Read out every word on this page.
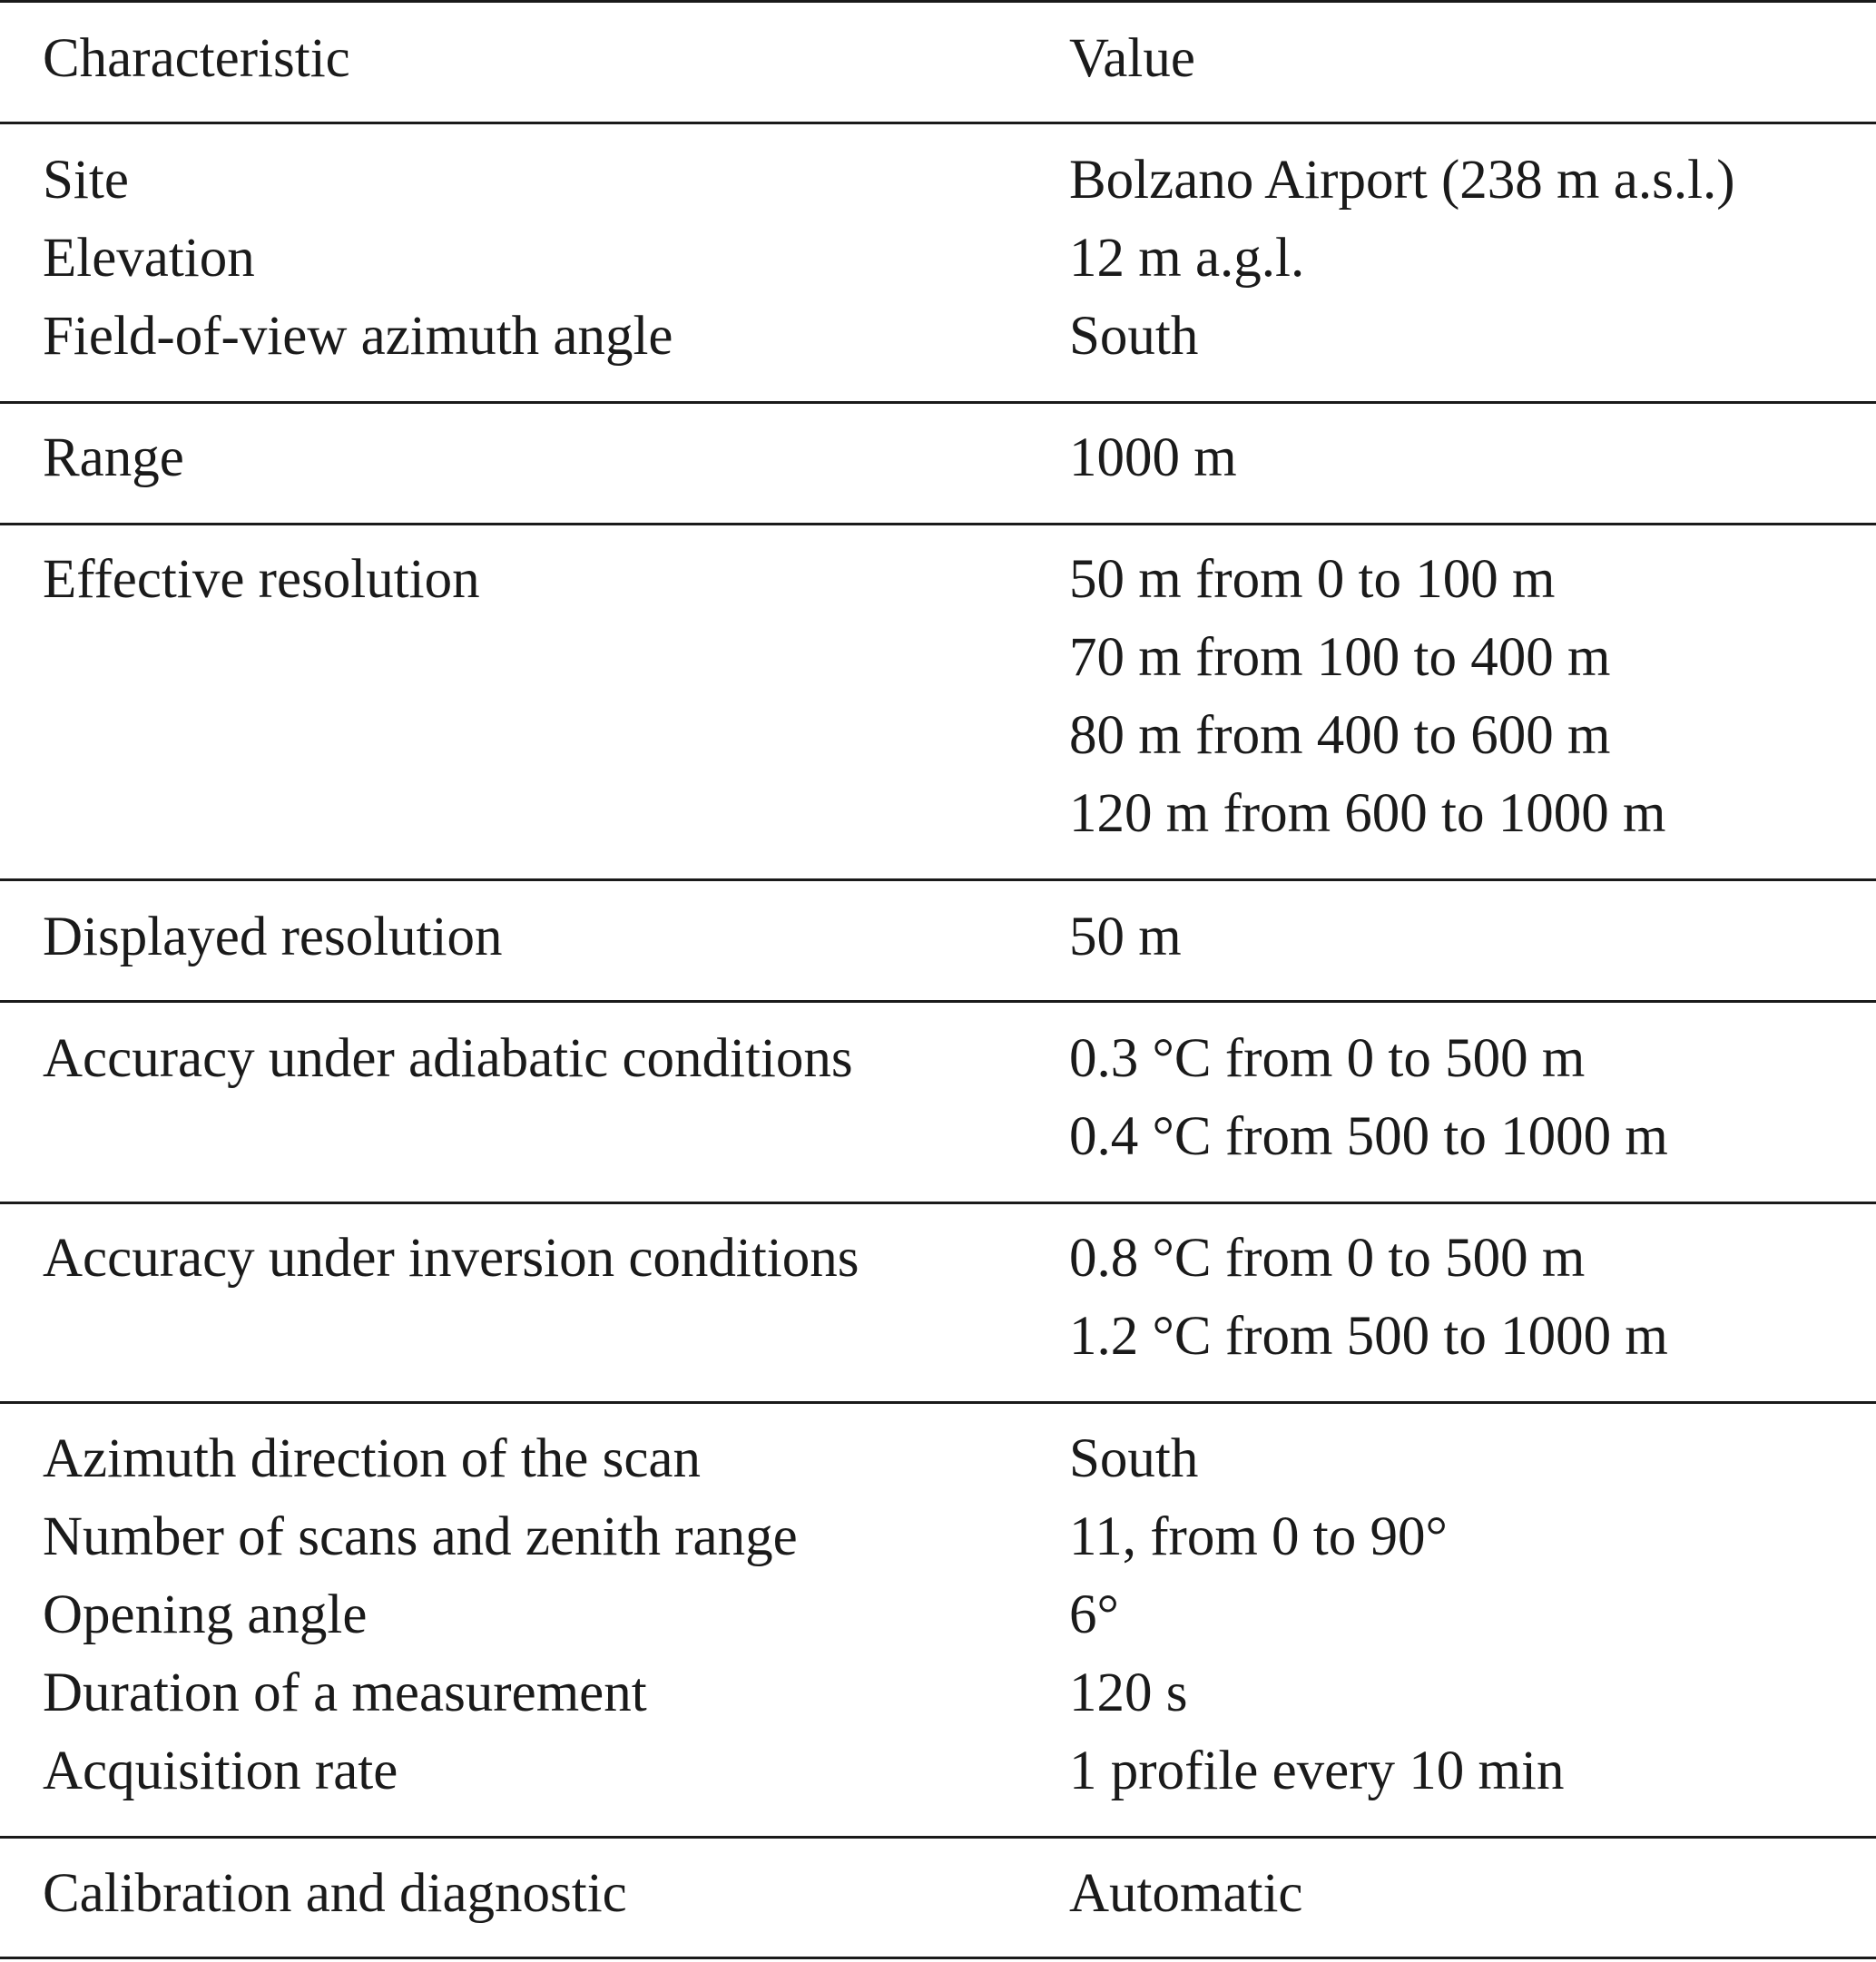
Characteristic	Value
Site	Bolzano Airport (238 m a.s.l.)
Elevation	12 m a.g.l.
Field-of-view azimuth angle	South
Range	1000 m
Effective resolution	50 m from 0 to 100 m
70 m from 100 to 400 m
80 m from 400 to 600 m
120 m from 600 to 1000 m
Displayed resolution	50 m
Accuracy under adiabatic conditions	0.3 °C from 0 to 500 m
0.4 °C from 500 to 1000 m
Accuracy under inversion conditions	0.8 °C from 0 to 500 m
1.2 °C from 500 to 1000 m
Azimuth direction of the scan	South
Number of scans and zenith range	11, from 0 to 90°
Opening angle	6°
Duration of a measurement	120 s
Acquisition rate	1 profile every 10 min
Calibration and diagnostic	Automatic
